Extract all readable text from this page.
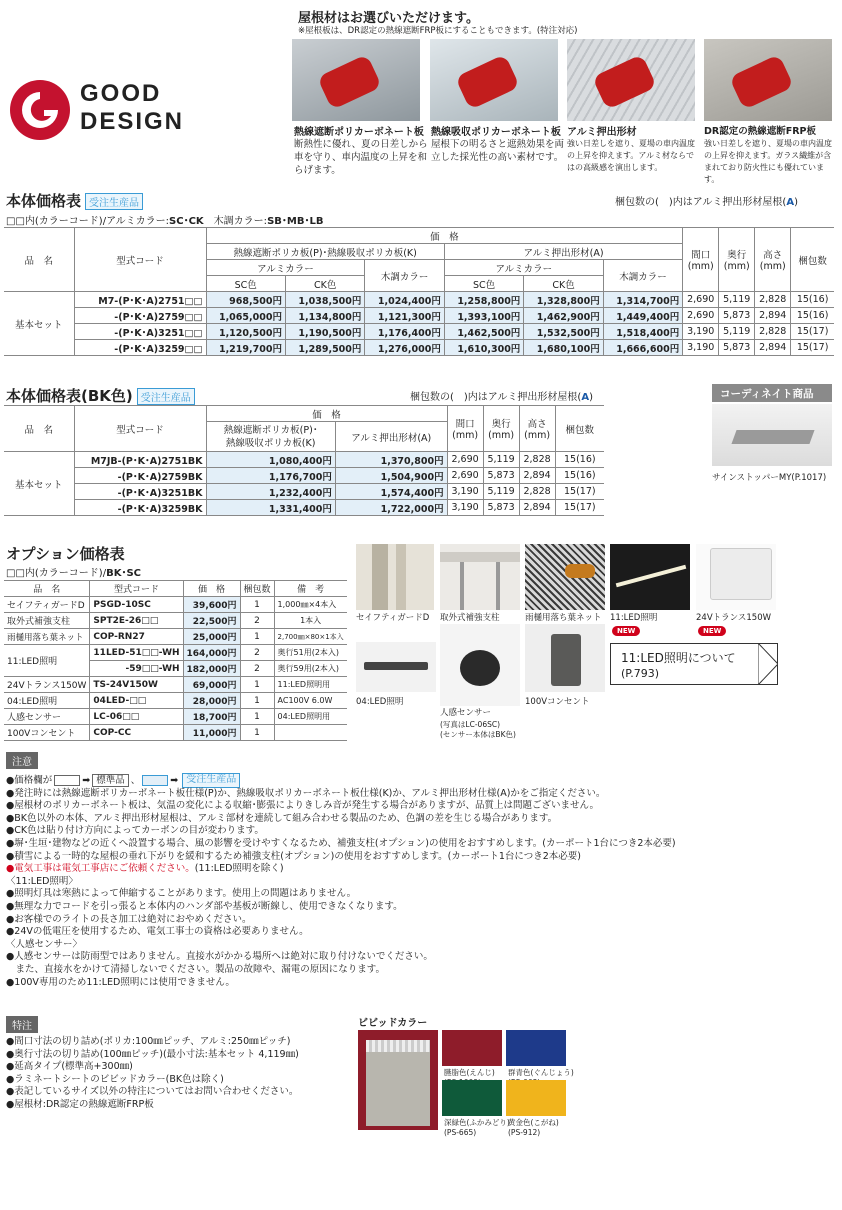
GOOD
DESIGN
屋根材はお選びいただけます。
※屋根板は、DR認定の熱線遮断FRP板にすることもできます。(特注対応)
熱線遮断ポリカーボネート板
断熱性に優れ、夏の日差しから車を守り、車内温度の上昇を和らげます。
熱線吸収ポリカーボネート板
屋根下の明るさと遮熱効果を両立した採光性の高い素材です。
アルミ押出形材
強い日差しを遮り、夏場の車内温度の上昇を抑えます。アルミ材ならではの高級感を演出します。
DR認定の熱線遮断FRP板
強い日差しを遮り、夏場の車内温度の上昇を抑えます。ガラス繊維が含まれており防火性にも優れています。
本体価格表 受注生産品	梱包数の(　)内はアルミ押出形材屋根(A)
□□内(カラーコード)/アルミカラー:SC･CK　木調カラー:SB･MB･LB
品　名	型式コード	価　格						間口(mm)	奥行(mm)	高さ(mm)	梱包数
		熱線遮断ポリカ板(P)･熱線吸収ポリカ板(K)			アルミ押出形材(A)						
		アルミカラー		木調カラー	アルミカラー		木調カラー				
		SC色	CK色		SC色	CK色					
基本セット	M7-(P･K･A)2751□□	968,500円	1,038,500円	1,024,400円	1,258,800円	1,328,800円	1,314,700円	2,690	5,119	2,828	15(16)
	-(P･K･A)2759□□	1,065,000円	1,134,800円	1,121,300円	1,393,100円	1,462,900円	1,449,400円	2,690	5,873	2,894	15(16)
	-(P･K･A)3251□□	1,120,500円	1,190,500円	1,176,400円	1,462,500円	1,532,500円	1,518,400円	3,190	5,119	2,828	15(17)
	-(P･K･A)3259□□	1,219,700円	1,289,500円	1,276,000円	1,610,300円	1,680,100円	1,666,600円	3,190	5,873	2,894	15(17)
本体価格表(BK色) 受注生産品	梱包数の(　)内はアルミ押出形材屋根(A)
品　名	型式コード	価　格		間口(mm)	奥行(mm)	高さ(mm)	梱包数

		熱線遮断ポリカ板(P)･
熱線吸収ポリカ板(K)	アルミ押出形材(A)				
基本セット	M7JB-(P･K･A)2751BK	1,080,400円	1,370,800円	2,690	5,119	2,828	15(16)
	-(P･K･A)2759BK	1,176,700円	1,504,900円	2,690	5,873	2,894	15(16)
	-(P･K･A)3251BK	1,232,400円	1,574,400円	3,190	5,119	2,828	15(17)
	-(P･K･A)3259BK	1,331,400円	1,722,000円	3,190	5,873	2,894	15(17)
コーディネイト商品
サインストッパーMY(P.1017)
オプション価格表
□□内(カラーコード)/BK･SC
品　名	型式コード	価　格	梱包数	備　考
セイフティガードD	PSGD-10SC	39,600円	1	1,000㎜×4本入
取外式補強支柱	SPT2E-26□□	22,500円	2	1本入
雨樋用落ち葉ネット	COP-RN27	25,000円	1	2,700㎜×80×1本入
11:LED照明	11LED-51□□-WH	164,000円	2	奥行51用(2本入)
	-59□□-WH	182,000円	2	奥行59用(2本入)
24Vトランス150W	TS-24V150W	69,000円	1	11:LED照明用
04:LED照明	04LED-□□	28,000円	1	AC100V 6.0W
人感センサー	LC-06□□	18,700円	1	04:LED照明用
100Vコンセント	COP-CC	11,000円	1	
セイフティガードD 取外式補強支柱	雨樋用落ち葉ネット 11:LED照明
NEW
24Vトランス150W
NEW
11:LED照明について
(P.793)
04:LED照明
人感センサー
(写真はLC-06SC)
(センサー本体はBK色)
100Vコンセント
注意
●価格欄が	➡ 標準品 、	➡ 受注生産品
●発注時には熱線遮断ポリカーボネート板仕様(P)か、熱線吸収ポリカーボネート板仕様(K)か、アルミ押出形材仕様(A)かをご指定ください。
●屋根材のポリカーボネート板は、気温の変化による収縮･膨張によりきしみ音が発生する場合がありますが、品質上は問題ございません。
●BK色以外の本体、アルミ押出形材屋根は、アルミ部材を連続して組み合わせる製品のため、色調の差を生じる場合があります。
●CK色は貼り付け方向によってカーボンの目が変わります。
●塀･生垣･建物などの近くへ設置する場合、風の影響を受けやすくなるため、補強支柱(オプション)の使用をおすすめします。(カーポート1台につき2本必要)
●積雪による一時的な屋根の垂れ下がりを緩和するため補強支柱(オプション)の使用をおすすめします。(カーポート1台につき2本必要)
●電気工事は電気工事店にご依頼ください。(11:LED照明を除く)
〈11:LED照明〉
●照明灯具は寒熱によって伸縮することがあります。使用上の問題はありません。
●無理な力でコードを引っ張ると本体内のハンダ部や基板が断線し、使用できなくなります。
●お客様でのライトの長さ加工は絶対におやめください。
●24Vの低電圧を使用するため、電気工事士の資格は必要ありません。
〈人感センサー〉
●人感センサーは防雨型ではありません。直接水がかかる場所へは絶対に取り付けないでください。
　また、直接水をかけて清掃しないでください。製品の故障や、漏電の原因になります。
●100V専用のため11:LED照明には使用できません。
特注
●間口寸法の切り詰め(ポリカ:100㎜ピッチ、アルミ:250㎜ピッチ)
●奥行寸法の切り詰め(100㎜ピッチ)(最小寸法:基本セット 4,119㎜)
●延高タイプ(標準高+300㎜)
●ラミネートシートのビビッドカラー(BK色は除く)
●表記しているサイズ以外の特注についてはお問い合わせください。
●屋根材:DR認定の熱線遮断FRP板
ビビッドカラー
臙脂色(えんじ) 群青色(ぐんじょう)
深緑色(ふかみどり)
(PS-665)
黄金色(こがね)
(PS-912)
